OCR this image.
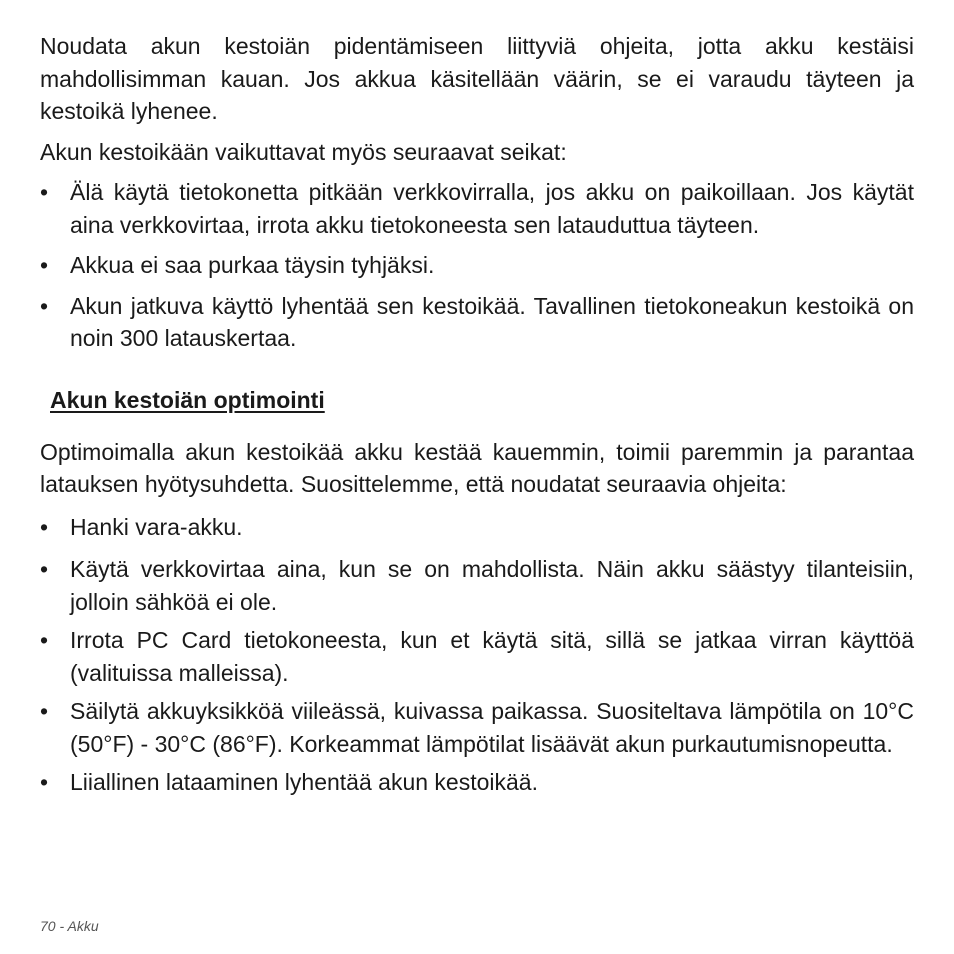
Noudata akun kestoiän pidentämiseen liittyviä ohjeita, jotta akku kestäisi mahdollisimman kauan. Jos akkua käsitellään väärin, se ei varaudu täyteen ja kestoikä lyhenee.

Akun kestoikään vaikuttavat myös seuraavat seikat:

• Älä käytä tietokonetta pitkään verkkovirralla, jos akku on paikoillaan. Jos käytät aina verkkovirtaa, irrota akku tietokoneesta sen latauduttua täyteen.
• Akkua ei saa purkaa täysin tyhjäksi.
• Akun jatkuva käyttö lyhentää sen kestoikää. Tavallinen tietokoneakun kestoikä on noin 300 latauskertaa.
Akun kestoiän optimointi

Optimoimalla akun kestoikää akku kestää kauemmin, toimii paremmin ja parantaa latauksen hyötysuhdetta. Suosittelemme, että noudatat seuraavia ohjeita:

• Hanki vara-akku.
• Käytä verkkovirtaa aina, kun se on mahdollista. Näin akku säästyy tilanteisiin, jolloin sähköä ei ole.
• Irrota PC Card tietokoneesta, kun et käytä sitä, sillä se jatkaa virran käyttöä (valituissa malleissa).
• Säilytä akkuyksikköä viileässä, kuivassa paikassa. Suositeltava lämpötila on 10°C (50°F) - 30°C (86°F). Korkeammat lämpötilat lisäävät akun purkautumisnopeutta.
• Liiallinen lataaminen lyhentää akun kestoikää.
70 - Akku
